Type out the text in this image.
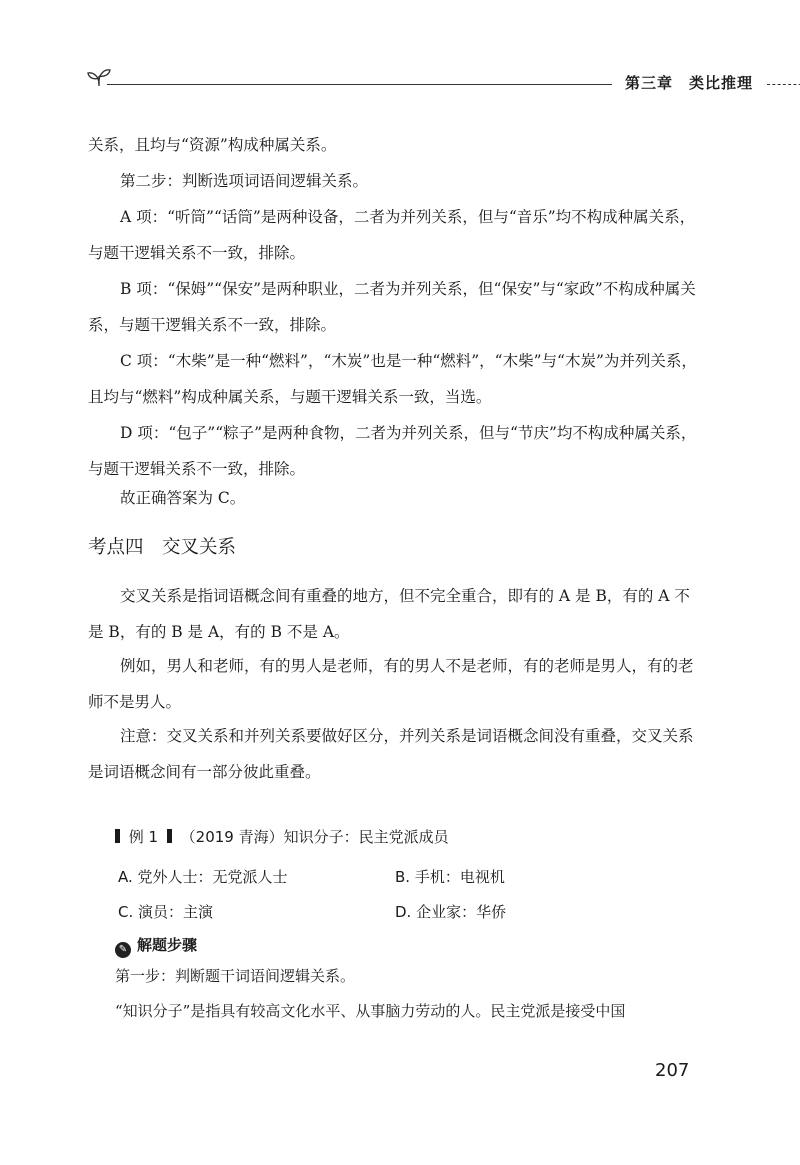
第三章　类比推理

关系，且均与“资源”构成种属关系。

第二步：判断选项词语间逻辑关系。

A 项：“听筒”“话筒”是两种设备，二者为并列关系，但与“音乐”均不构成种属关系，与题干逻辑关系不一致，排除。

B 项：“保姆”“保安”是两种职业，二者为并列关系，但“保安”与“家政”不构成种属关系，与题干逻辑关系不一致，排除。

C 项：“木柴”是一种“燃料”，“木炭”也是一种“燃料”，“木柴”与“木炭”为并列关系，且均与“燃料”构成种属关系，与题干逻辑关系一致，当选。

D 项：“包子”“粽子”是两种食物，二者为并列关系，但与“节庆”均不构成种属关系，与题干逻辑关系不一致，排除。

故正确答案为 C。

考点四　交叉关系

交叉关系是指词语概念间有重叠的地方，但不完全重合，即有的 A 是 B，有的 A 不是 B，有的 B 是 A，有的 B 不是 A。

例如，男人和老师，有的男人是老师，有的男人不是老师，有的老师是男人，有的老师不是男人。

注意：交叉关系和并列关系要做好区分，并列关系是词语概念间没有重叠，交叉关系是词语概念间有一部分彼此重叠。

例 1 （2019 青海）知识分子：民主党派成员
A. 党外人士：无党派人士	B. 手机：电视机
C. 演员：主演	D. 企业家：华侨
✎ 解题步骤

第一步：判断题干词语间逻辑关系。

“知识分子”是指具有较高文化水平、从事脑力劳动的人。民主党派是接受中国

207
